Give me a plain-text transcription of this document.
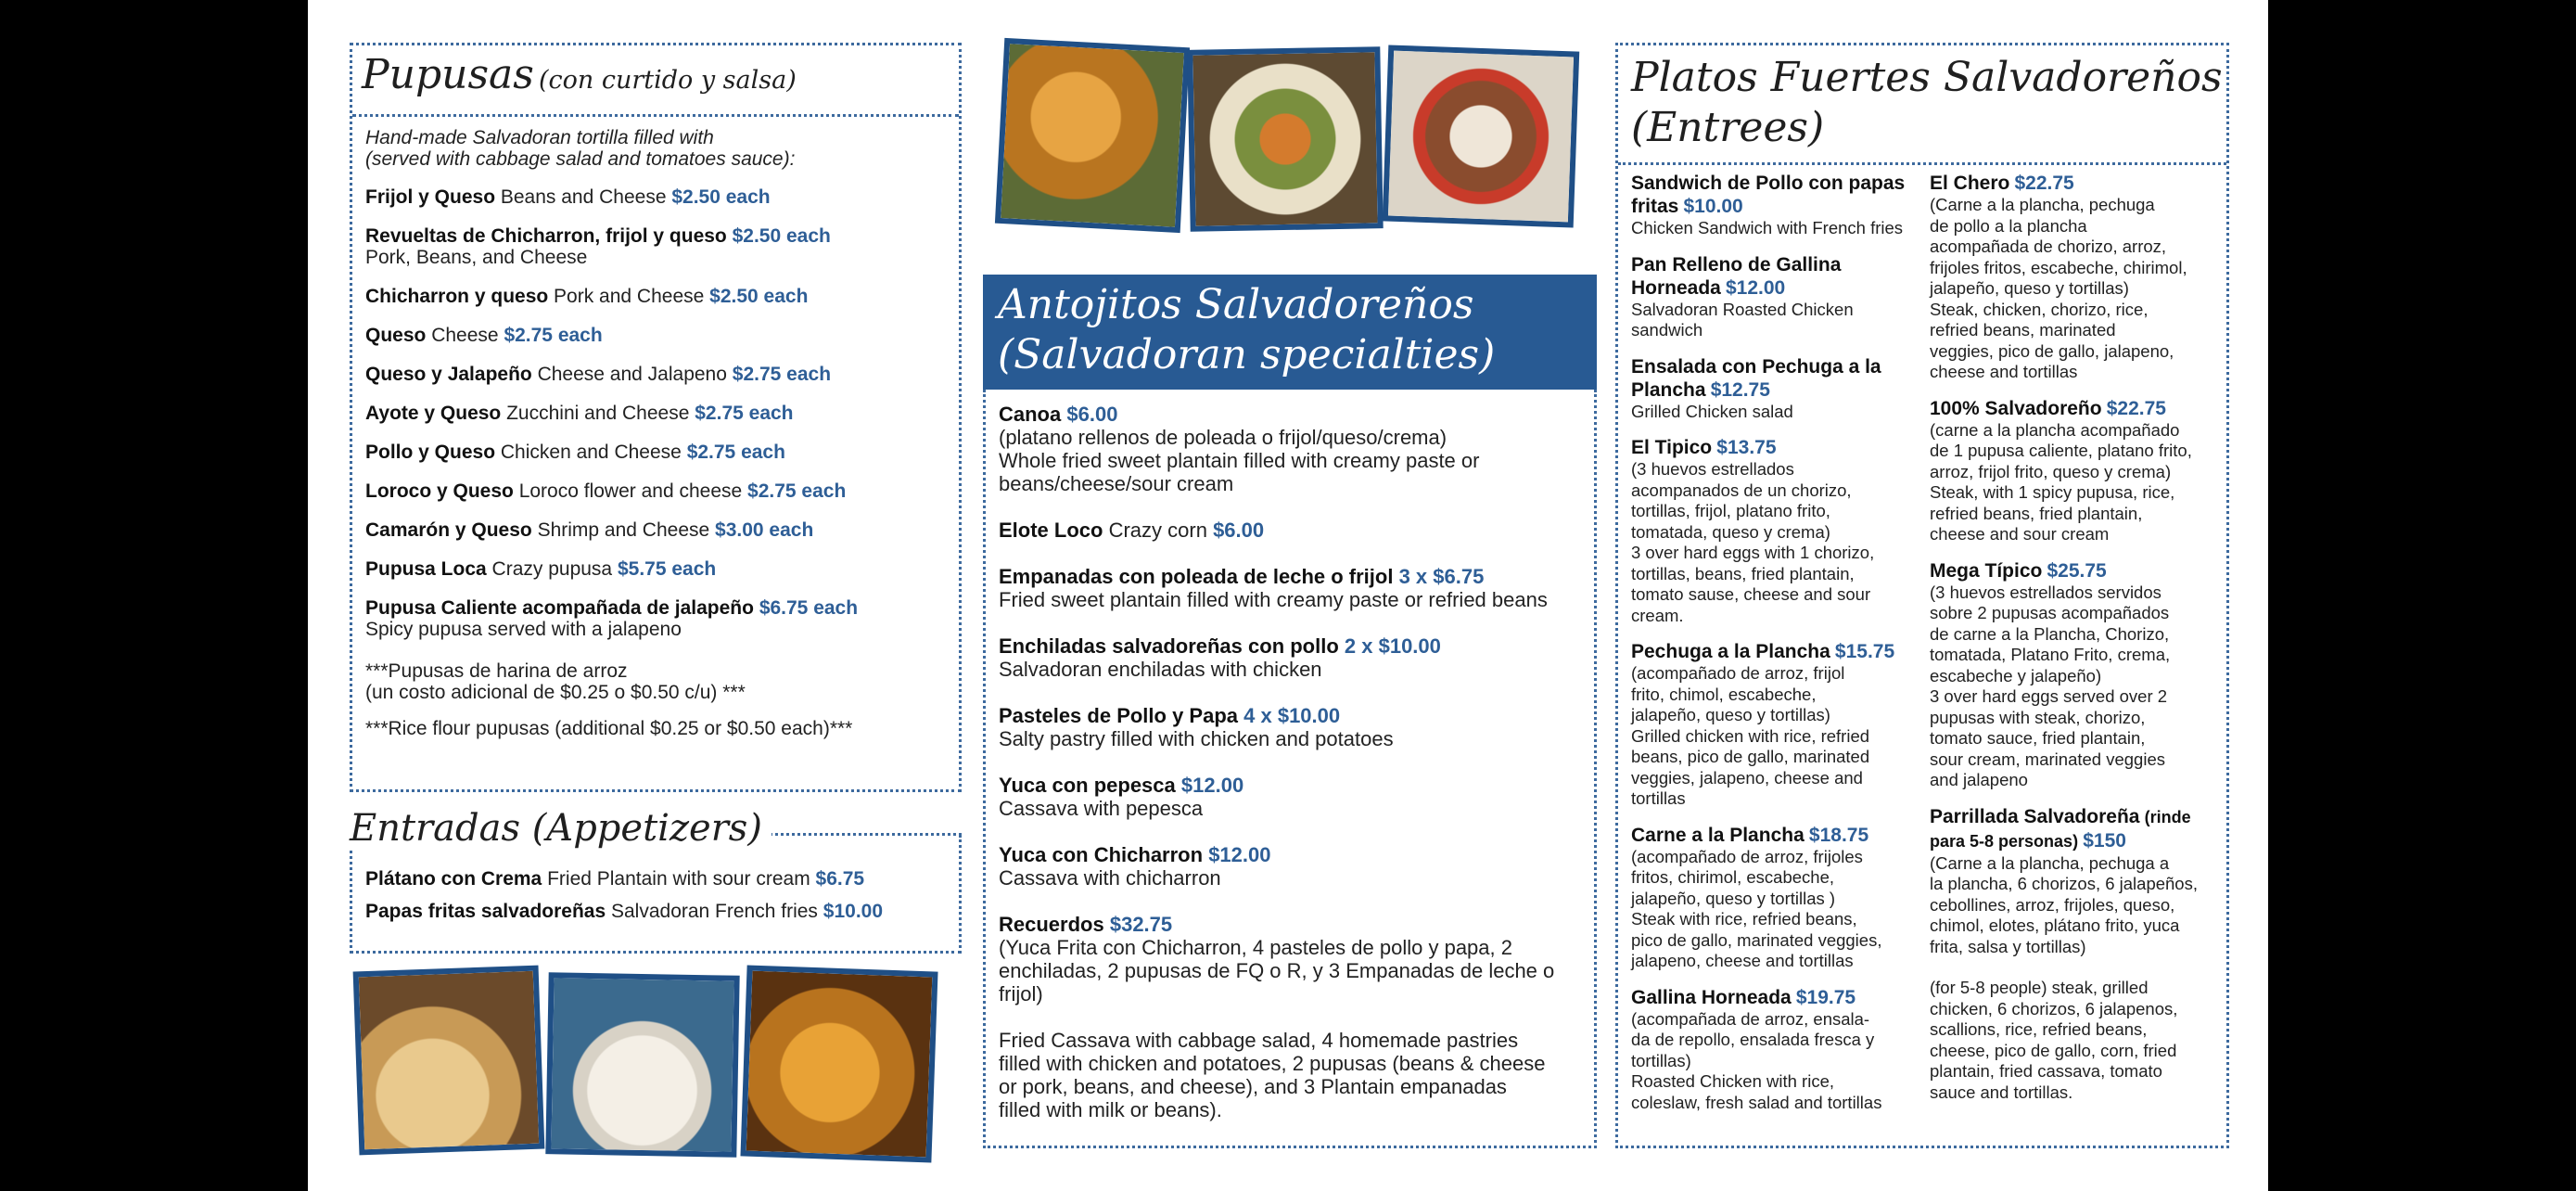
Pupusas (con curtido y salsa)
Hand-made Salvadoran tortilla filled with
(served with cabbage salad and tomatoes sauce):
Frijol y Queso Beans and Cheese $2.50 each
Revueltas de Chicharron, frijol y queso $2.50 each
Pork, Beans, and Cheese
Chicharron y queso Pork and Cheese $2.50 each
Queso Cheese $2.75 each
Queso y Jalapeño Cheese and Jalapeno $2.75 each
Ayote y Queso Zucchini and Cheese $2.75 each
Pollo y Queso Chicken and Cheese $2.75 each
Loroco y Queso Loroco flower and cheese $2.75 each
Camarón y Queso Shrimp and Cheese $3.00 each
Pupusa Loca Crazy pupusa $5.75 each
Pupusa Caliente acompañada de jalapeño $6.75 each
Spicy pupusa served with a jalapeno
***Pupusas de harina de arroz
(un costo adicional de $0.25 o $0.50 c/u) ***
***Rice flour pupusas (additional $0.25 or $0.50 each)***
Entradas (Appetizers)
Plátano con Crema Fried Plantain with sour cream $6.75
Papas fritas salvadoreñas Salvadoran French fries $10.00
Antojitos Salvadoreños
(Salvadoran specialties)
Canoa $6.00
(platano rellenos de poleada o frijol/queso/crema)
Whole fried sweet plantain filled with creamy paste or
beans/cheese/sour cream
Elote Loco Crazy corn $6.00
Empanadas con poleada de leche o frijol 3 x $6.75
Fried sweet plantain filled with creamy paste or refried beans
Enchiladas salvadoreñas con pollo 2 x $10.00
Salvadoran enchiladas with chicken
Pasteles de Pollo y Papa 4 x $10.00
Salty pastry filled with chicken and potatoes
Yuca con pepesca $12.00
Cassava with pepesca
Yuca con Chicharron $12.00
Cassava with chicharron
Recuerdos $32.75
(Yuca Frita con Chicharron, 4 pasteles de pollo y papa, 2
enchiladas, 2 pupusas de FQ o R, y 3 Empanadas de leche o
frijol)
Fried Cassava with cabbage salad, 4 homemade pastries
filled with chicken and potatoes, 2 pupusas (beans & cheese
or pork, beans, and cheese), and 3 Plantain empanadas
filled with milk or beans).
Platos Fuertes Salvadoreños
(Entrees)
Sandwich de Pollo con papas fritas $10.00
Chicken Sandwich with French fries
Pan Relleno de Gallina Horneada $12.00
Salvadoran Roasted Chicken
sandwich
Ensalada con Pechuga a la Plancha $12.75
Grilled Chicken salad
El Tipico $13.75
(3 huevos estrellados
acompanados de un chorizo,
tortillas, frijol, platano frito,
tomatada, queso y crema)
3 over hard eggs with 1 chorizo,
tortillas, beans, fried plantain,
tomato sause, cheese and sour
cream.
Pechuga a la Plancha $15.75
(acompañado de arroz, frijol
frito, chimol, escabeche,
jalapeño, queso y tortillas)
Grilled chicken with rice, refried
beans, pico de gallo, marinated
veggies, jalapeno, cheese and
tortillas
Carne a la Plancha $18.75
(acompañado de arroz, frijoles
fritos, chirimol, escabeche,
jalapeño, queso y tortillas )
Steak with rice, refried beans,
pico de gallo, marinated veggies,
jalapeno, cheese and tortillas
Gallina Horneada $19.75
(acompañada de arroz, ensala-
da de repollo, ensalada fresca y
tortillas)
Roasted Chicken with rice,
coleslaw, fresh salad and tortillas
El Chero $22.75
(Carne a la plancha, pechuga
de pollo a la plancha
acompañada de chorizo, arroz,
frijoles fritos, escabeche, chirimol,
jalapeño, queso y tortillas)
Steak, chicken, chorizo, rice,
refried beans, marinated
veggies, pico de gallo, jalapeno,
cheese and tortillas
100% Salvadoreño $22.75
(carne a la plancha acompañado
de 1 pupusa caliente, platano frito,
arroz, frijol frito, queso y crema)
Steak, with 1 spicy pupusa, rice,
refried beans, fried plantain,
cheese and sour cream
Mega Típico $25.75
(3 huevos estrellados servidos
sobre 2 pupusas acompañados
de carne a la Plancha, Chorizo,
tomatada, Platano Frito, crema,
escabeche y jalapeño)
3 over hard eggs served over 2
pupusas with steak, chorizo,
tomato sauce, fried plantain,
sour cream, marinated veggies
and jalapeno
Parrillada Salvadoreña (rinde para 5-8 personas) $150
(Carne a la plancha, pechuga a
la plancha, 6 chorizos, 6 jalapeños,
cebollines, arroz, frijoles, queso,
chimol, elotes, plátano frito, yuca
frita, salsa y tortillas)
(for 5-8 people) steak, grilled
chicken, 6 chorizos, 6 jalapenos,
scallions, rice, refried beans,
cheese, pico de gallo, corn, fried
plantain, fried cassava, tomato
sauce and tortillas.
